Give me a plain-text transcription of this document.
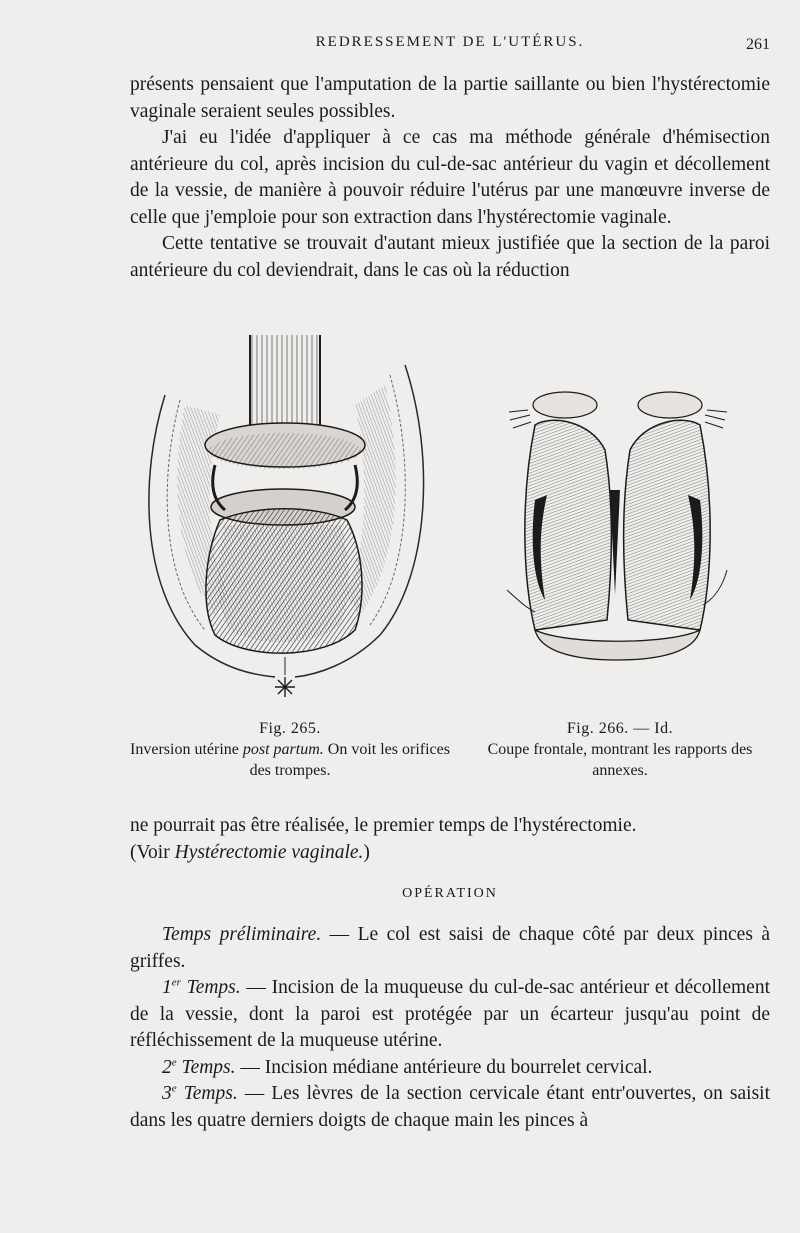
REDRESSEMENT DE L'UTÉRUS.	261

présents pensaient que l'amputation de la partie saillante ou bien l'hystérectomie vaginale seraient seules possibles.

J'ai eu l'idée d'appliquer à ce cas ma méthode générale d'hémisection antérieure du col, après incision du cul-de-sac antérieur du vagin et décollement de la vessie, de manière à pouvoir réduire l'utérus par une manœuvre inverse de celle que j'emploie pour son extraction dans l'hystérectomie vaginale.

Cette tentative se trouvait d'autant mieux justifiée que la section de la paroi antérieure du col deviendrait, dans le cas où la réduction

Fig. 265.
Inversion utérine post partum. On voit les orifices des trompes.
Fig. 266. — Id.
Coupe frontale, montrant les rapports des annexes.

ne pourrait pas être réalisée, le premier temps de l'hystérectomie.
(Voir Hystérectomie vaginale.)

OPÉRATION

Temps préliminaire. — Le col est saisi de chaque côté par deux pinces à griffes.

1er Temps. — Incision de la muqueuse du cul-de-sac antérieur et décollement de la vessie, dont la paroi est protégée par un écarteur jusqu'au point de réfléchissement de la muqueuse utérine.

2e Temps. — Incision médiane antérieure du bourrelet cervical.

3e Temps. — Les lèvres de la section cervicale étant entr'ouvertes, on saisit dans les quatre derniers doigts de chaque main les pinces à
